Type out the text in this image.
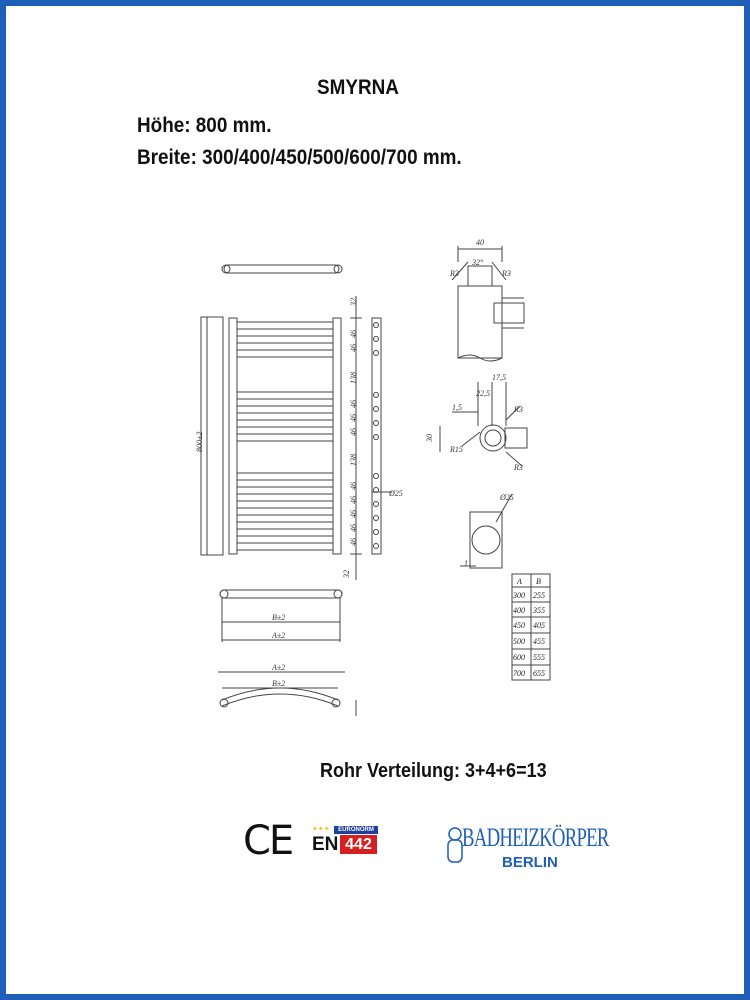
SMYRNA
Höhe: 800 mm.
Breite: 300/400/450/500/600/700 mm.
800±2
32
32
46
46
138
46
46
46
138
46
46
46
46
46
Ø25
B±2
A±2
A±2
B±2
40
32°
R3	R3
17,5
22,5
1,5	R3
30
R15
R3
Ø25
1
A B
300 255
400 355
450 405
500 455
600 555
700 655
Rohr Verteilung: 3+4+6=13
CE	✦✦✦	EURONORM
EN 442	BADHEIZKÖRPER
BERLIN
